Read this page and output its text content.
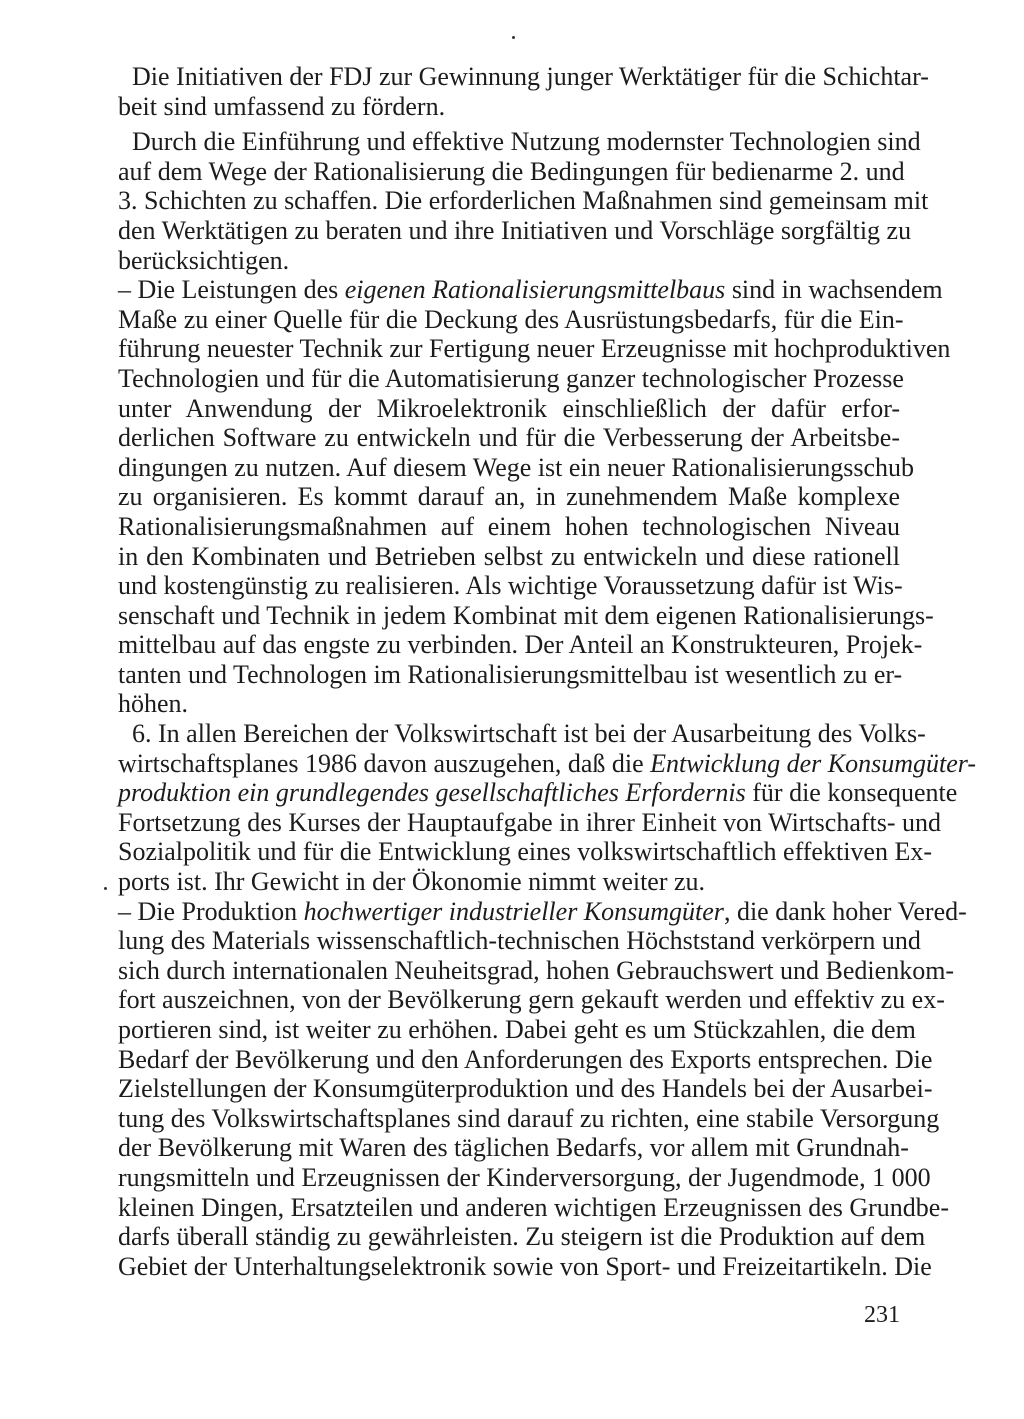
Die Initiativen der FDJ zur Gewinnung junger Werktätiger für die Schichtar-
beit sind umfassend zu fördern.
Durch die Einführung und effektive Nutzung modernster Technologien sind
auf dem Wege der Rationalisierung die Bedingungen für bedienarme 2. und
3. Schichten zu schaffen. Die erforderlichen Maßnahmen sind gemeinsam mit
den Werktätigen zu beraten und ihre Initiativen und Vorschläge sorgfältig zu
berücksichtigen.
– Die Leistungen des eigenen Rationalisierungsmittelbaus sind in wachsendem
Maße zu einer Quelle für die Deckung des Ausrüstungsbedarfs, für die Ein-
führung neuester Technik zur Fertigung neuer Erzeugnisse mit hochproduktiven
Technologien und für die Automatisierung ganzer technologischer Prozesse
unter Anwendung der Mikroelektronik einschließlich der dafür erfor-
derlichen Software zu entwickeln und für die Verbesserung der Arbeitsbe-
dingungen zu nutzen. Auf diesem Wege ist ein neuer Rationalisierungsschub
zu organisieren. Es kommt darauf an, in zunehmendem Maße komplexe
Rationalisierungsmaßnahmen auf einem hohen technologischen Niveau
in den Kombinaten und Betrieben selbst zu entwickeln und diese rationell
und kostengünstig zu realisieren. Als wichtige Voraussetzung dafür ist Wis-
senschaft und Technik in jedem Kombinat mit dem eigenen Rationalisierungs-
mittelbau auf das engste zu verbinden. Der Anteil an Konstrukteuren, Projek-
tanten und Technologen im Rationalisierungsmittelbau ist wesentlich zu er-
höhen.
6. In allen Bereichen der Volkswirtschaft ist bei der Ausarbeitung des Volks-
wirtschaftsplanes 1986 davon auszugehen, daß die Entwicklung der Konsumgüter-
produktion ein grundlegendes gesellschaftliches Erfordernis für die konsequente
Fortsetzung des Kurses der Hauptaufgabe in ihrer Einheit von Wirtschafts- und
Sozialpolitik und für die Entwicklung eines volkswirtschaftlich effektiven Ex-
ports ist. Ihr Gewicht in der Ökonomie nimmt weiter zu.
– Die Produktion hochwertiger industrieller Konsumgüter, die dank hoher Vered-
lung des Materials wissenschaftlich-technischen Höchststand verkörpern und
sich durch internationalen Neuheitsgrad, hohen Gebrauchswert und Bedienkom-
fort auszeichnen, von der Bevölkerung gern gekauft werden und effektiv zu ex-
portieren sind, ist weiter zu erhöhen. Dabei geht es um Stückzahlen, die dem
Bedarf der Bevölkerung und den Anforderungen des Exports entsprechen. Die
Zielstellungen der Konsumgüterproduktion und des Handels bei der Ausarbei-
tung des Volkswirtschaftsplanes sind darauf zu richten, eine stabile Versorgung
der Bevölkerung mit Waren des täglichen Bedarfs, vor allem mit Grundnah-
rungsmitteln und Erzeugnissen der Kinderversorgung, der Jugendmode, 1 000
kleinen Dingen, Ersatzteilen und anderen wichtigen Erzeugnissen des Grundbe-
darfs überall ständig zu gewährleisten. Zu steigern ist die Produktion auf dem
Gebiet der Unterhaltungselektronik sowie von Sport- und Freizeitartikeln. Die
231
